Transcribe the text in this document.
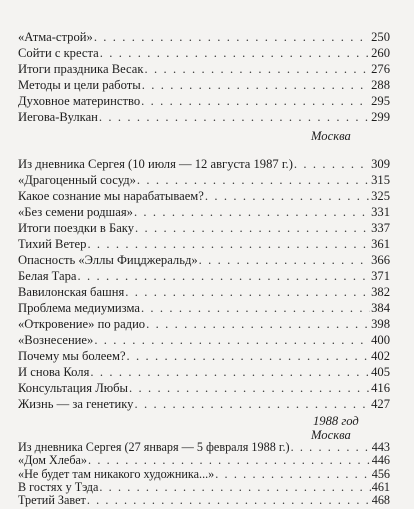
«Атма-строй» . . .	250
Сойти с креста . . .	260
Итоги праздника Весак . . .	276
Методы и цели работы . . .	288
Духовное материнство . . .	295
Иегова-Вулкан . . .	299
Москва
Из дневника Сергея (10 июля — 12 августа 1987 г.) . . .	309
«Драгоценный сосуд» . . .	315
Какое сознание мы нарабатываем? . . .	325
«Без семени родшая» . . .	331
Итоги поездки в Баку . . .	337
Тихий Ветер . . .	361
Опасность «Эллы Фицджеральд» . . .	366
Белая Тара . . .	371
Вавилонская башня . . .	382
Проблема медиумизма . . .	384
«Откровение» по радио . . .	398
«Вознесение» . . .	400
Почему мы болеем? . . .	402
И снова Коля . . .	405
Консультация Любы . . .	416
Жизнь — за генетику . . .	427
1988 год
Москва
Из дневника Сергея (27 января — 5 февраля 1988 г.) . . .	443
«Дом Хлеба» . . .	446
«Не будет там никакого художника...» . . .	456
В гостях у Тэда . . .	461
Третий Завет . . .	468
